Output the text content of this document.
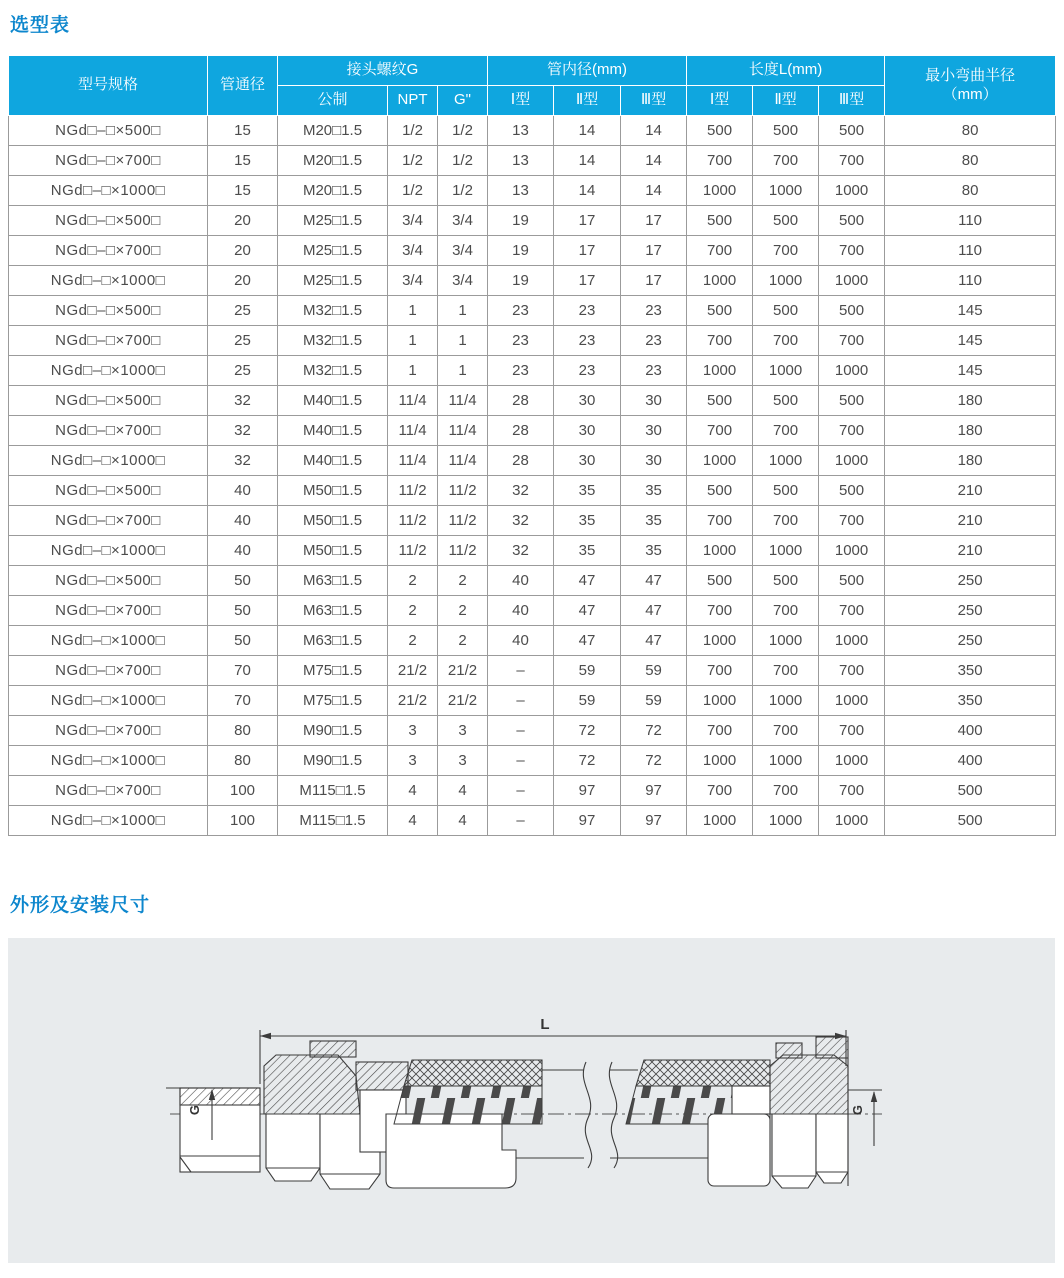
选型表
型号规格	管通径	接头螺纹G			管内径(mm)			长度L(mm)			最小弯曲半径
（mm）
		公制	NPT	G"	Ⅰ型	Ⅱ型	Ⅲ型	Ⅰ型	Ⅱ型	Ⅲ型	
NGd□–□×500□	15	M20□1.5	1/2	1/2	13	14	14	500	500	500	80
NGd□–□×700□	15	M20□1.5	1/2	1/2	13	14	14	700	700	700	80
NGd□–□×1000□	15	M20□1.5	1/2	1/2	13	14	14	1000	1000	1000	80
NGd□–□×500□	20	M25□1.5	3/4	3/4	19	17	17	500	500	500	110
NGd□–□×700□	20	M25□1.5	3/4	3/4	19	17	17	700	700	700	110
NGd□–□×1000□	20	M25□1.5	3/4	3/4	19	17	17	1000	1000	1000	110
NGd□–□×500□	25	M32□1.5	1	1	23	23	23	500	500	500	145
NGd□–□×700□	25	M32□1.5	1	1	23	23	23	700	700	700	145
NGd□–□×1000□	25	M32□1.5	1	1	23	23	23	1000	1000	1000	145
NGd□–□×500□	32	M40□1.5	11/4	11/4	28	30	30	500	500	500	180
NGd□–□×700□	32	M40□1.5	11/4	11/4	28	30	30	700	700	700	180
NGd□–□×1000□	32	M40□1.5	11/4	11/4	28	30	30	1000	1000	1000	180
NGd□–□×500□	40	M50□1.5	11/2	11/2	32	35	35	500	500	500	210
NGd□–□×700□	40	M50□1.5	11/2	11/2	32	35	35	700	700	700	210
NGd□–□×1000□	40	M50□1.5	11/2	11/2	32	35	35	1000	1000	1000	210
NGd□–□×500□	50	M63□1.5	2	2	40	47	47	500	500	500	250
NGd□–□×700□	50	M63□1.5	2	2	40	47	47	700	700	700	250
NGd□–□×1000□	50	M63□1.5	2	2	40	47	47	1000	1000	1000	250
NGd□–□×700□	70	M75□1.5	21/2	21/2	–	59	59	700	700	700	350
NGd□–□×1000□	70	M75□1.5	21/2	21/2	–	59	59	1000	1000	1000	350
NGd□–□×700□	80	M90□1.5	3	3	–	72	72	700	700	700	400
NGd□–□×1000□	80	M90□1.5	3	3	–	72	72	1000	1000	1000	400
NGd□–□×700□	100	M115□1.5	4	4	–	97	97	700	700	700	500
NGd□–□×1000□	100	M115□1.5	4	4	–	97	97	1000	1000	1000	500
外形及安装尺寸
L
G	G
